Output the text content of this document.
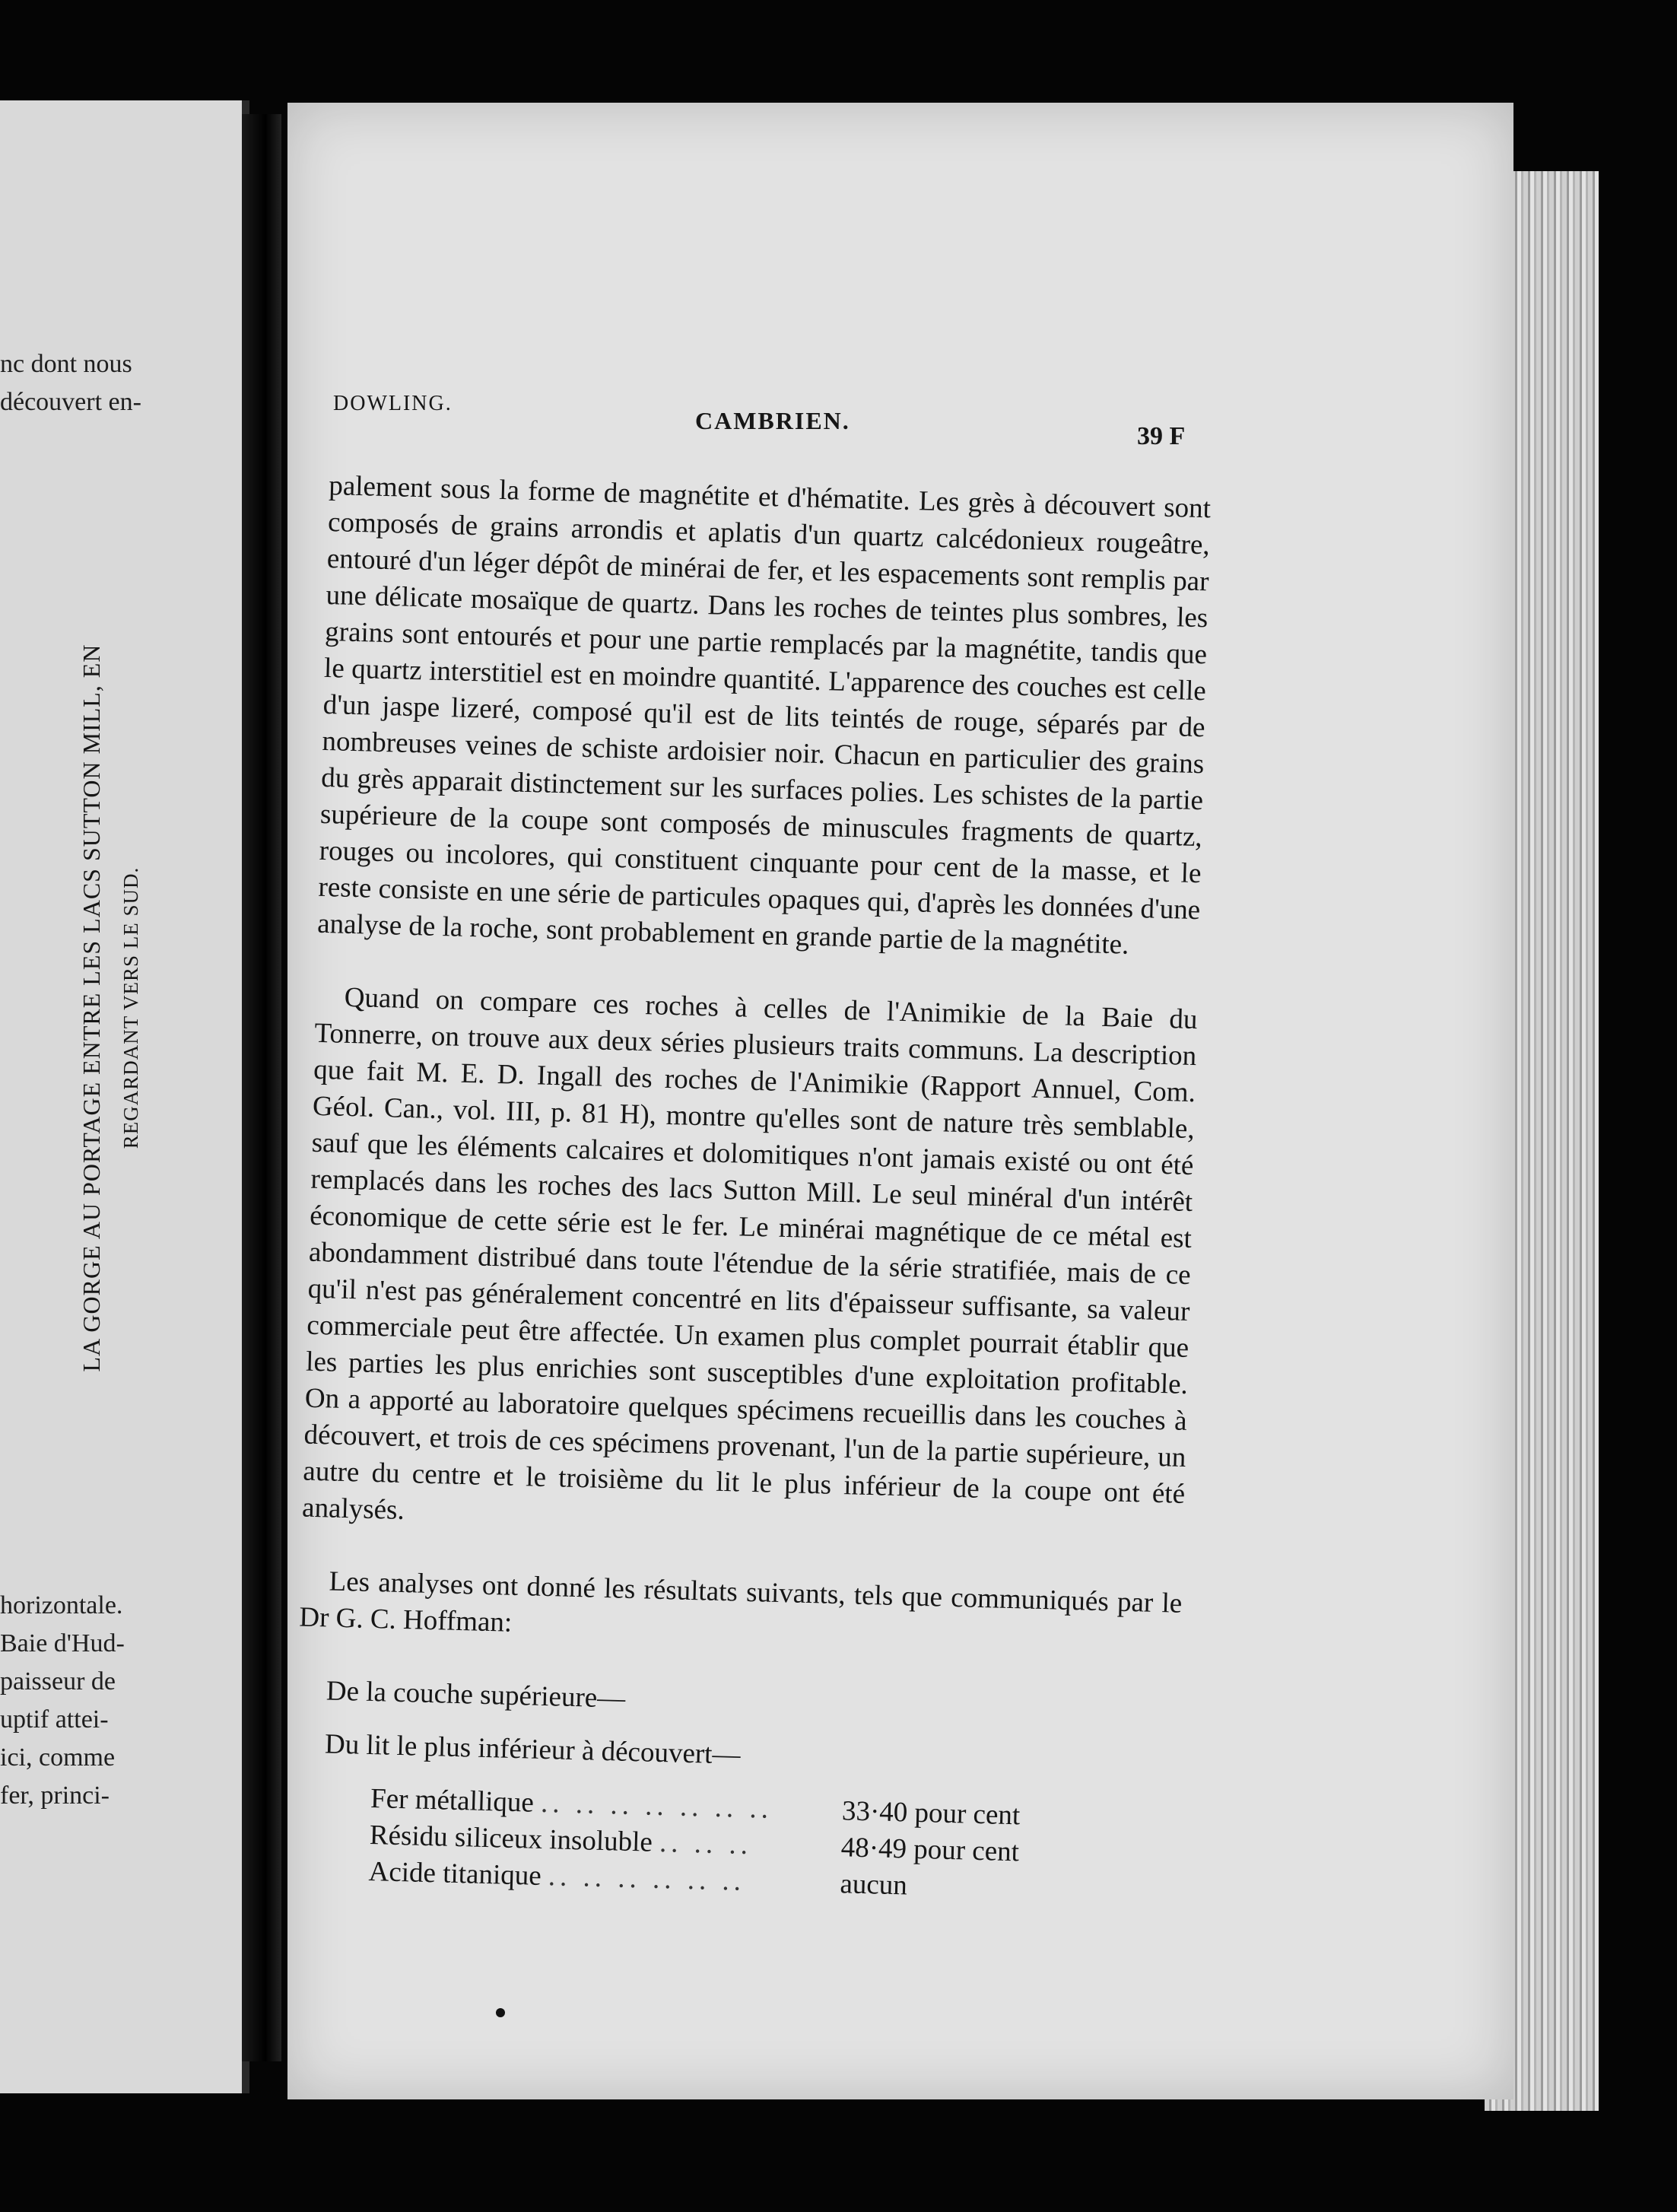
nc dont nous
découvert en-
LA GORGE AU PORTAGE ENTRE LES LACS SUTTON MILL, EN REGARDANT VERS LE SUD.
horizontale.
Baie d'Hud-
paisseur de
uptif attei-
ici, comme
fer, princi-
DOWLING.
CAMBRIEN.
39 F

palement sous la forme de magnétite et d'hématite. Les grès à découvert sont composés de grains arrondis et aplatis d'un quartz calcédonieux rougeâtre, entouré d'un léger dépôt de minérai de fer, et les espacements sont remplis par une délicate mosaïque de quartz. Dans les roches de teintes plus sombres, les grains sont entourés et pour une partie remplacés par la magnétite, tandis que le quartz interstitiel est en moindre quantité. L'apparence des couches est celle d'un jaspe lizeré, composé qu'il est de lits teintés de rouge, séparés par de nombreuses veines de schiste ardoisier noir. Chacun en particulier des grains du grès apparait distinctement sur les surfaces polies. Les schistes de la partie supérieure de la coupe sont composés de minuscules fragments de quartz, rouges ou incolores, qui constituent cinquante pour cent de la masse, et le reste consiste en une série de particules opaques qui, d'après les données d'une analyse de la roche, sont probablement en grande partie de la magnétite.

Quand on compare ces roches à celles de l'Animikie de la Baie du Tonnerre, on trouve aux deux séries plusieurs traits communs. La description que fait M. E. D. Ingall des roches de l'Animikie (Rapport Annuel, Com. Géol. Can., vol. III, p. 81 H), montre qu'elles sont de nature très semblable, sauf que les éléments calcaires et dolomitiques n'ont jamais existé ou ont été remplacés dans les roches des lacs Sutton Mill. Le seul minéral d'un intérêt économique de cette série est le fer. Le minérai magnétique de ce métal est abondamment distribué dans toute l'étendue de la série stratifiée, mais de ce qu'il n'est pas généralement concentré en lits d'épaisseur suffisante, sa valeur commerciale peut être affectée. Un examen plus complet pourrait établir que les parties les plus enrichies sont susceptibles d'une exploitation profitable. On a apporté au laboratoire quelques spécimens recueillis dans les couches à découvert, et trois de ces spécimens provenant, l'un de la partie supérieure, un autre du centre et le troisième du lit le plus inférieur de la coupe ont été analysés.

Les analyses ont donné les résultats suivants, tels que communiqués par le Dr G. C. Hoffman:

De la couche supérieure—

Du lit le plus inférieur à découvert—

Fer métallique .. .. .. .. .. .. ..	33·40 pour cent
Résidu siliceux insoluble .. .. ..	48·49 pour cent
Acide titanique .. .. .. .. .. ..	aucun
